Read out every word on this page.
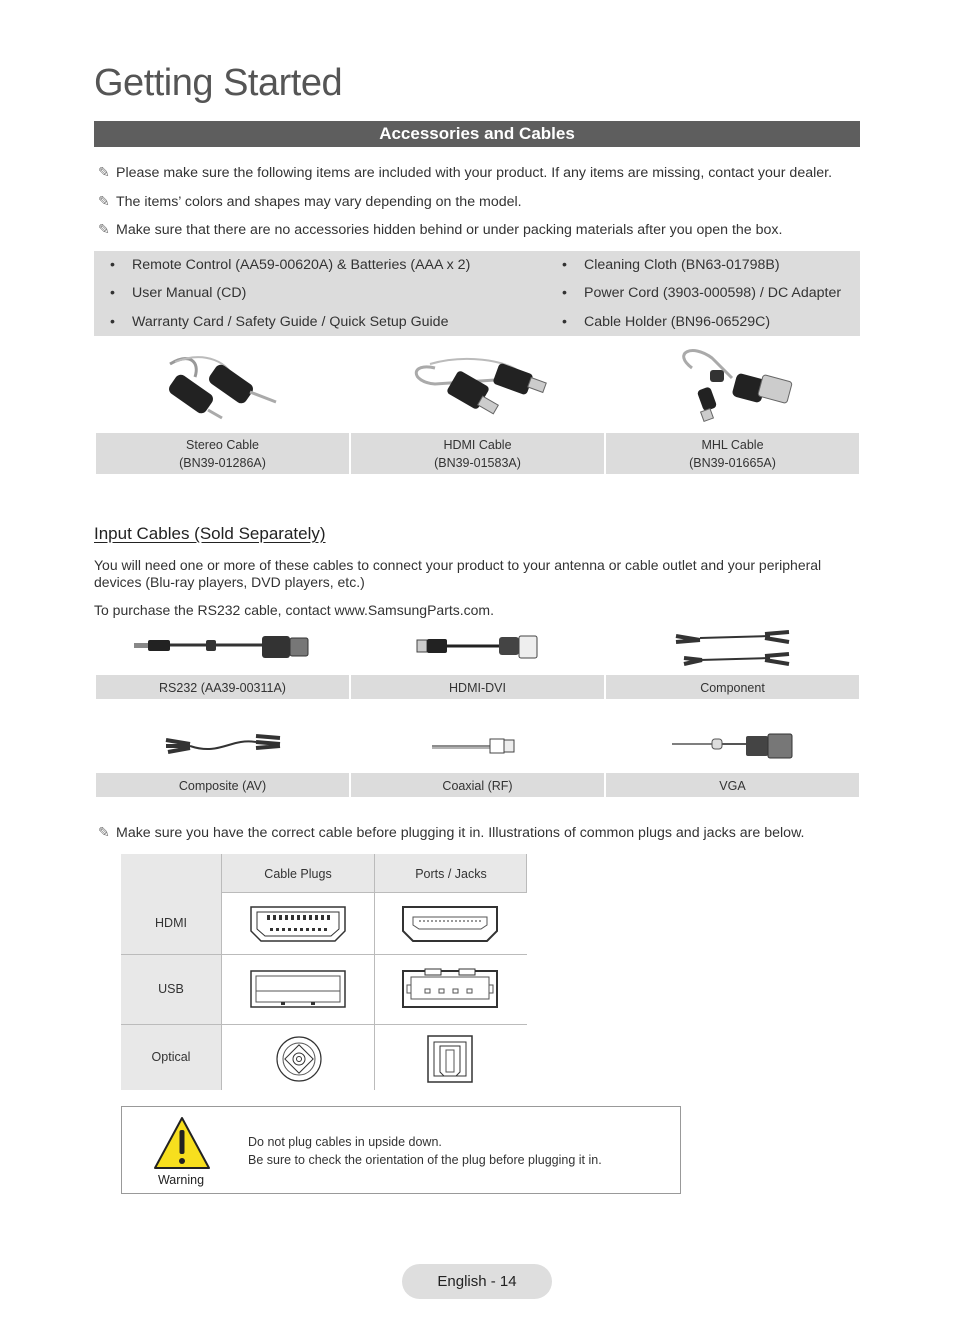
Getting Started
Accessories and Cables
✎ Please make sure the following items are included with your product. If any items are missing, contact your dealer.
✎ The items’ colors and shapes may vary depending on the model.
✎ Make sure that there are no accessories hidden behind or under packing materials after you open the box.
• Remote Control (AA59-00620A) & Batteries (AAA x 2)
• User Manual (CD)
• Warranty Card / Safety Guide / Quick Setup Guide
• Cleaning Cloth (BN63-01798B)
• Power Cord (3903-000598) / DC Adapter
• Cable Holder (BN96-06529C)
Stereo Cable
(BN39-01286A)
HDMI Cable
(BN39-01583A)
MHL Cable
(BN39-01665A)
Input Cables (Sold Separately)
You will need one or more of these cables to connect your product to your antenna or cable outlet and your peripheral devices (Blu-ray players, DVD players, etc.)
To purchase the RS232 cable, contact www.SamsungParts.com.
RS232 (AA39-00311A)	HDMI-DVI	Component
Composite (AV)	Coaxial (RF)	VGA
✎ Make sure you have the correct cable before plugging it in. Illustrations of common plugs and jacks are below.
Cable Plugs	Ports / Jacks
HDMI
USB
Optical
Warning
Do not plug cables in upside down.
Be sure to check the orientation of the plug before plugging it in.
English - 14
